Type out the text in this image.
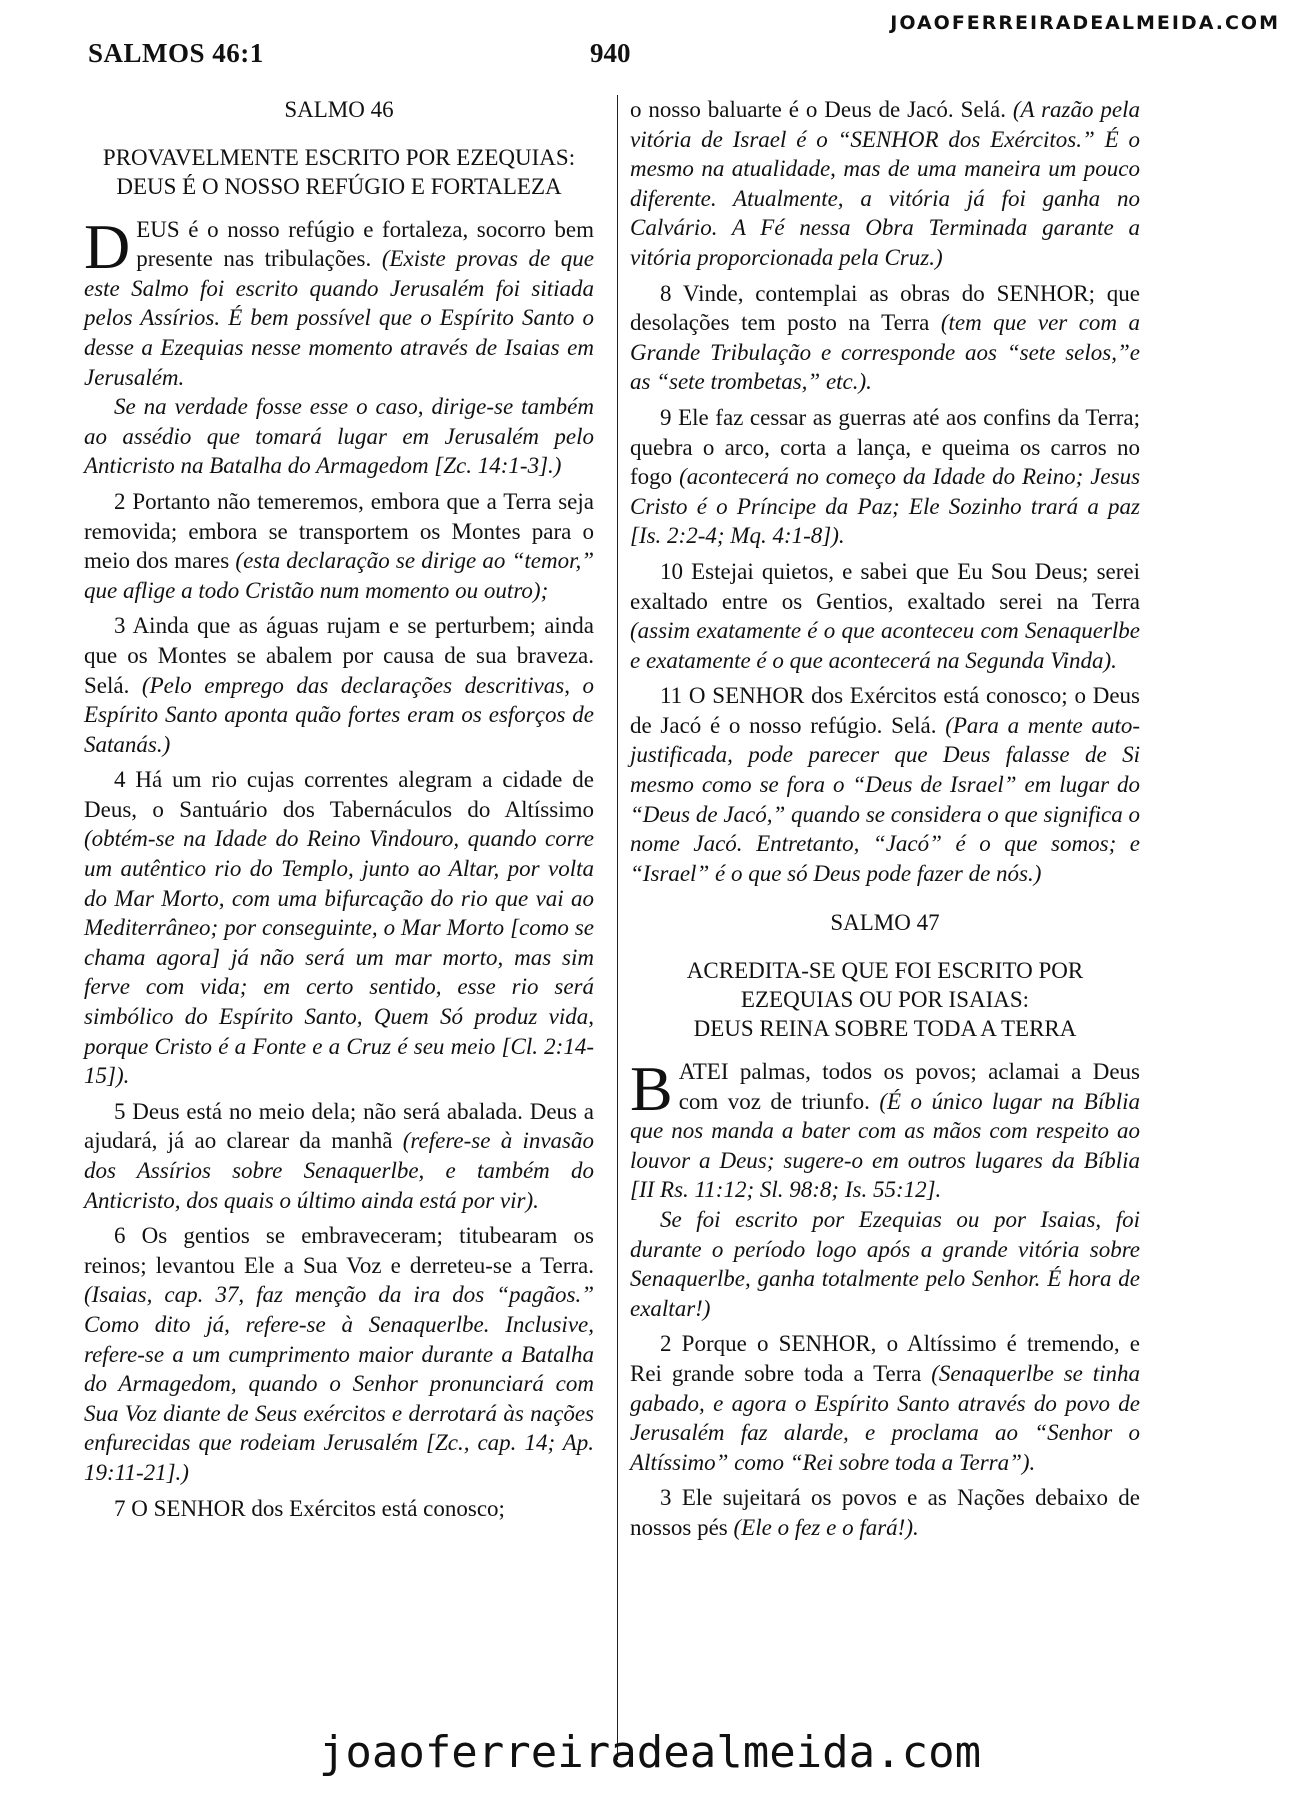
JOAOFERREIRADEALMEIDA.COM
SALMOS 46:1	940
SALMO 46
PROVAVELMENTE ESCRITO POR EZEQUIAS:
DEUS É O NOSSO REFÚGIO E FORTALEZA

DEUS é o nosso refúgio e fortaleza, socorro bem presente nas tribulações. (Existe provas de que este Salmo foi escrito quando Jerusalém foi sitiada pelos Assírios. É bem possível que o Espírito Santo o desse a Ezequias nesse momento através de Isaias em Jerusalém.

Se na verdade fosse esse o caso, dirige-se também ao assédio que tomará lugar em Jerusalém pelo Anticristo na Batalha do Armagedom [Zc. 14:1-3].)

2 Portanto não temeremos, embora que a Terra seja removida; embora se transportem os Montes para o meio dos mares (esta declaração se dirige ao “temor,” que aflige a todo Cristão num momento ou outro);

3 Ainda que as águas rujam e se perturbem; ainda que os Montes se abalem por causa de sua braveza. Selá. (Pelo emprego das declarações descritivas, o Espírito Santo aponta quão fortes eram os esforços de Satanás.)

4 Há um rio cujas correntes alegram a cidade de Deus, o Santuário dos Tabernáculos do Altíssimo (obtém-se na Idade do Reino Vindouro, quando corre um autêntico rio do Templo, junto ao Altar, por volta do Mar Morto, com uma bifurcação do rio que vai ao Mediterrâneo; por conseguinte, o Mar Morto [como se chama agora] já não será um mar morto, mas sim ferve com vida; em certo sentido, esse rio será simbólico do Espírito Santo, Quem Só produz vida, porque Cristo é a Fonte e a Cruz é seu meio [Cl. 2:14-15]).

5 Deus está no meio dela; não será abalada. Deus a ajudará, já ao clarear da manhã (refere-se à invasão dos Assírios sobre Senaquerlbe, e também do Anticristo, dos quais o último ainda está por vir).

6 Os gentios se embraveceram; titubearam os reinos; levantou Ele a Sua Voz e derreteu-se a Terra. (Isaias, cap. 37, faz menção da ira dos “pagãos.” Como dito já, refere-se à Senaquerlbe. Inclusive, refere-se a um cumprimento maior durante a Batalha do Armagedom, quando o Senhor pronunciará com Sua Voz diante de Seus exércitos e derrotará às nações enfurecidas que rodeiam Jerusalém [Zc., cap. 14; Ap. 19:11-21].)

7 O SENHOR dos Exércitos está conosco;

o nosso baluarte é o Deus de Jacó. Selá. (A razão pela vitória de Israel é o “SENHOR dos Exércitos.” É o mesmo na atualidade, mas de uma maneira um pouco diferente. Atualmente, a vitória já foi ganha no Calvário. A Fé nessa Obra Terminada garante a vitória proporcionada pela Cruz.)

8 Vinde, contemplai as obras do SENHOR; que desolações tem posto na Terra (tem que ver com a Grande Tribulação e corresponde aos “sete selos,”e as “sete trombetas,” etc.).

9 Ele faz cessar as guerras até aos confins da Terra; quebra o arco, corta a lança, e queima os carros no fogo (acontecerá no começo da Idade do Reino; Jesus Cristo é o Príncipe da Paz; Ele Sozinho trará a paz [Is. 2:2-4; Mq. 4:1-8]).

10 Estejai quietos, e sabei que Eu Sou Deus; serei exaltado entre os Gentios, exaltado serei na Terra (assim exatamente é o que aconteceu com Senaquerlbe e exatamente é o que acontecerá na Segunda Vinda).

11 O SENHOR dos Exércitos está conosco; o Deus de Jacó é o nosso refúgio. Selá. (Para a mente auto-justificada, pode parecer que Deus falasse de Si mesmo como se fora o “Deus de Israel” em lugar do “Deus de Jacó,” quando se considera o que significa o nome Jacó. Entretanto, “Jacó” é o que somos; e “Israel” é o que só Deus pode fazer de nós.)

SALMO 47
ACREDITA-SE QUE FOI ESCRITO POR EZEQUIAS OU POR ISAIAS:
DEUS REINA SOBRE TODA A TERRA

BATEI palmas, todos os povos; aclamai a Deus com voz de triunfo. (É o único lugar na Bíblia que nos manda a bater com as mãos com respeito ao louvor a Deus; sugere-o em outros lugares da Bíblia [II Rs. 11:12; Sl. 98:8; Is. 55:12].

Se foi escrito por Ezequias ou por Isaias, foi durante o período logo após a grande vitória sobre Senaquerlbe, ganha totalmente pelo Senhor. É hora de exaltar!)

2 Porque o SENHOR, o Altíssimo é tremendo, e Rei grande sobre toda a Terra (Senaquerlbe se tinha gabado, e agora o Espírito Santo através do povo de Jerusalém faz alarde, e proclama ao “Senhor o Altíssimo” como “Rei sobre toda a Terra”).

3 Ele sujeitará os povos e as Nações debaixo de nossos pés (Ele o fez e o fará!).

joaoferreiradealmeida.com
